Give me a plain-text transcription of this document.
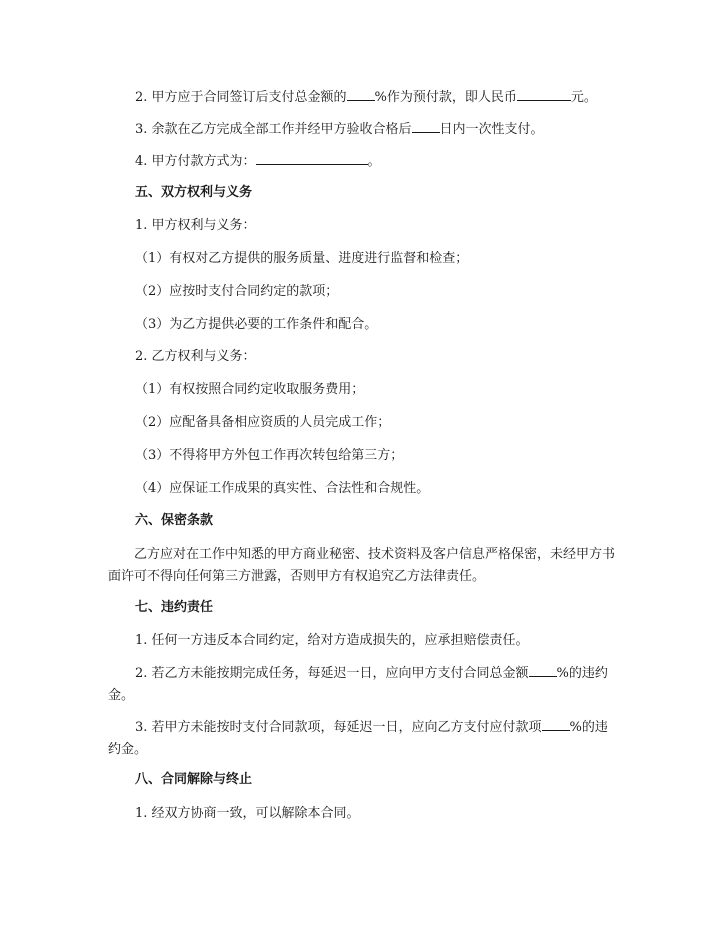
2. 甲方应于合同签订后支付总金额的 %作为预付款，即人民币	元。
3. 余款在乙方完成全部工作并经甲方验收合格后 日内一次性支付。
4. 甲方付款方式为：	。
五、双方权利与义务
1. 甲方权利与义务：
（1）有权对乙方提供的服务质量、进度进行监督和检查；
（2）应按时支付合同约定的款项；
（3）为乙方提供必要的工作条件和配合。
2. 乙方权利与义务：
（1）有权按照合同约定收取服务费用；
（2）应配备具备相应资质的人员完成工作；
（3）不得将甲方外包工作再次转包给第三方；
（4）应保证工作成果的真实性、合法性和合规性。
六、保密条款
乙方应对在工作中知悉的甲方商业秘密、技术资料及客户信息严格保密，未经甲方书面许可不得向任何第三方泄露，否则甲方有权追究乙方法律责任。
七、违约责任
1. 任何一方违反本合同约定，给对方造成损失的，应承担赔偿责任。
2. 若乙方未能按期完成任务，每延迟一日，应向甲方支付合同总金额 %的违约金。
3. 若甲方未能按时支付合同款项，每延迟一日，应向乙方支付应付款项 %的违约金。
八、合同解除与终止
1. 经双方协商一致，可以解除本合同。
